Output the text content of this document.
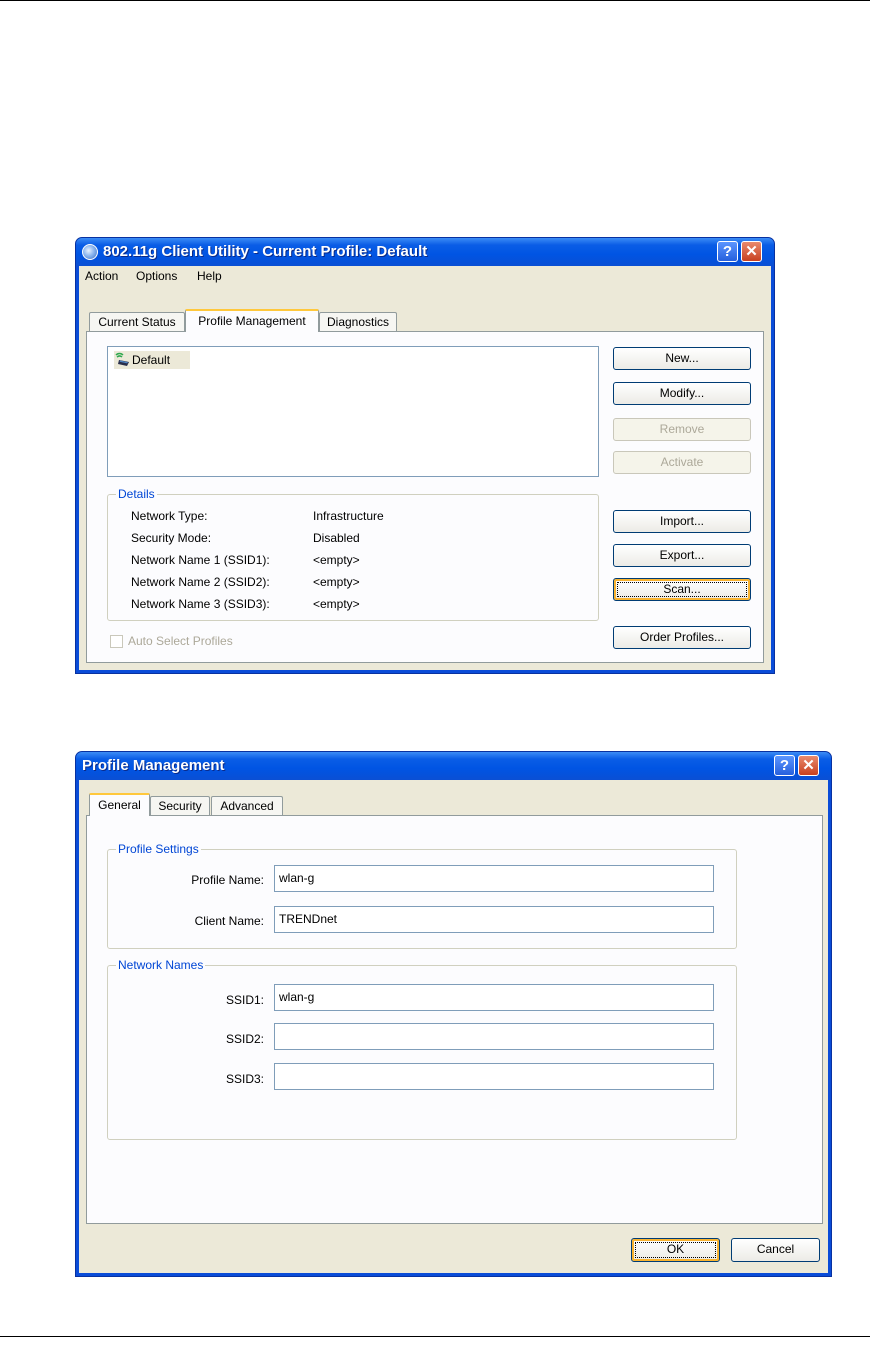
802.11g Client Utility - Current Profile: Default	? ✕
Action Options Help
Current Status	Profile Management	Diagnostics
Default	New...
Modify...
Remove
Activate
Import...
Export...
Scan...
Order Profiles...
Details
Network Type:	Infrastructure
Security Mode:	Disabled
Network Name 1 (SSID1):	<empty>
Network Name 2 (SSID2):	<empty>
Network Name 3 (SSID3):	<empty>
Auto Select Profiles
Profile Management	? ✕
General	Security	Advanced
Profile Settings
Profile Name:	wlan-g
Client Name:	TRENDnet
Network Names
SSID1:	wlan-g
SSID2:
SSID3:
OK	Cancel
